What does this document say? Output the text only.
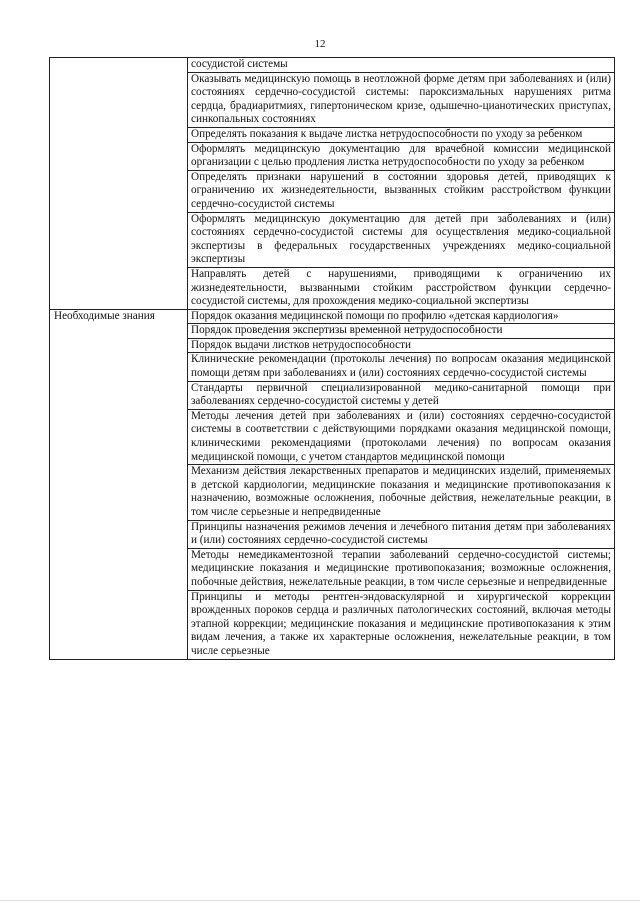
12
	сосудистой системы
	Оказывать медицинскую помощь в неотложной форме детям при заболеваниях и (или) состояниях сердечно-сосудистой системы: пароксизмальных нарушениях ритма сердца, брадиаритмиях, гипертоническом кризе, одышечно-цианотических приступах, синкопальных состояниях
	Определять показания к выдаче листка нетрудоспособности по уходу за ребенком
	Оформлять медицинскую документацию для врачебной комиссии медицинской организации с целью продления листка нетрудоспособности по уходу за ребенком
	Определять признаки нарушений в состоянии здоровья детей, приводящих к ограничению их жизнедеятельности, вызванных стойким расстройством функции сердечно-сосудистой системы
	Оформлять медицинскую документацию для детей при заболеваниях и (или) состояниях сердечно-сосудистой системы для осуществления медико-социальной экспертизы в федеральных государственных учреждениях медико-социальной экспертизы
	Направлять детей с нарушениями, приводящими к ограничению их жизнедеятельности, вызванными стойким расстройством функции сердечно-сосудистой системы, для прохождения медико-социальной экспертизы
Необходимые знания	Порядок оказания медицинской помощи по профилю «детская кардиология»
	Порядок проведения экспертизы временной нетрудоспособности
	Порядок выдачи листков нетрудоспособности
	Клинические рекомендации (протоколы лечения) по вопросам оказания медицинской помощи детям при заболеваниях и (или) состояниях сердечно-сосудистой системы
	Стандарты первичной специализированной медико-санитарной помощи при заболеваниях сердечно-сосудистой системы у детей
	Методы лечения детей при заболеваниях и (или) состояниях сердечно-сосудистой системы в соответствии с действующими порядками оказания медицинской помощи, клиническими рекомендациями (протоколами лечения) по вопросам оказания медицинской помощи, с учетом стандартов медицинской помощи
	Механизм действия лекарственных препаратов и медицинских изделий, применяемых в детской кардиологии, медицинские показания и медицинские противопоказания к назначению, возможные осложнения, побочные действия, нежелательные реакции, в том числе серьезные и непредвиденные
	Принципы назначения режимов лечения и лечебного питания детям при заболеваниях и (или) состояниях сердечно-сосудистой системы
	Методы немедикаментозной терапии заболеваний сердечно-сосудистой системы; медицинские показания и медицинские противопоказания; возможные осложнения, побочные действия, нежелательные реакции, в том числе серьезные и непредвиденные
	Принципы и методы рентген-эндоваскулярной и хирургической коррекции врожденных пороков сердца и различных патологических состояний, включая методы этапной коррекции; медицинские показания и медицинские противопоказания к этим видам лечения, а также их характерные осложнения, нежелательные реакции, в том числе серьезные
